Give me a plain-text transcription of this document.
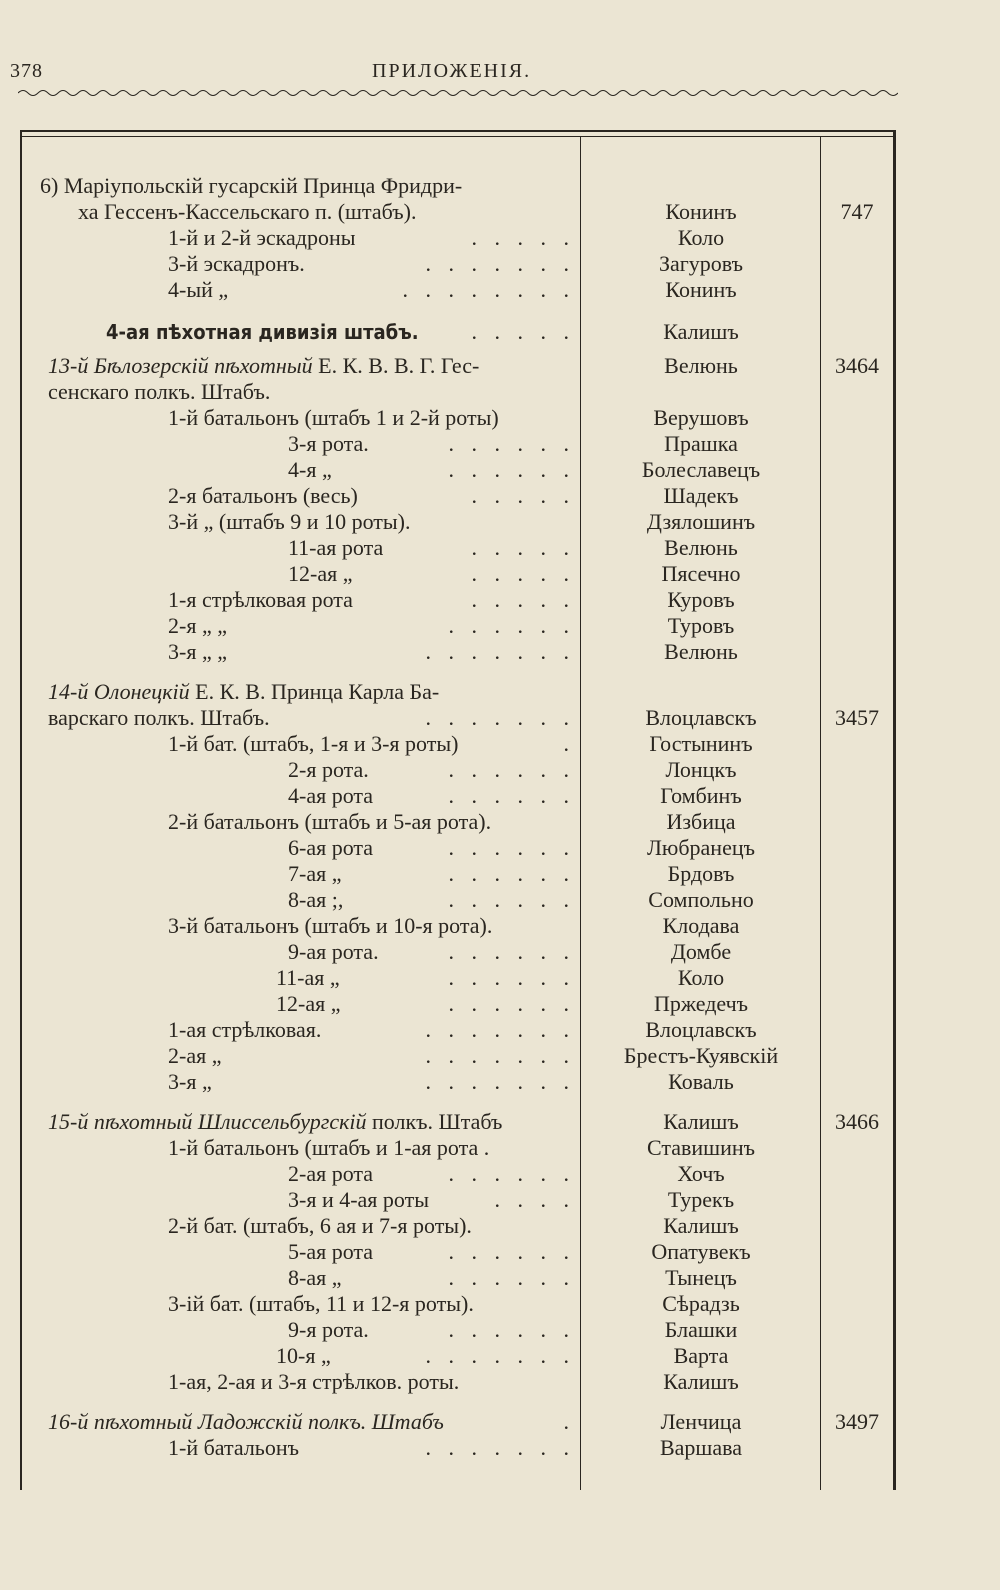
378	ПРИЛОЖЕНІЯ.
6) Маріупольскій гусарскій Принца Фридри-
ха Гессенъ-Кассельскаго п. (штабъ).	Конинъ	747
1-й и 2-й эскадроны	. . . . .	Коло
3-й эскадронъ.	. . . . . . .	Загуровъ
4-ый „	. . . . . . . .	Конинъ
4-ая пѣхотная дивизія штабъ. . . . . .	Калишъ
13-й Бѣлозерскій пѣхотный Е. К. В. В. Г. Гес-	Велюнь	3464
сенскаго полкъ. Штабъ.
1-й батальонъ (штабъ 1 и 2-й роты)	Верушовъ
3-я рота.	. . . . . .	Прашка
4-я „	. . . . . .	Болеславецъ
2-я батальонъ (весь)	. . . . .	Шадекъ
3-й „ (штабъ 9 и 10 роты).	Дзялошинъ
11-ая рота	. . . . .	Велюнь
12-ая „	. . . . .	Пясечно
1-я стрѣлковая рота	. . . . .	Куровъ
2-я „ „	. . . . . .	Туровъ
3-я „ „	. . . . . . .	Велюнь
14-й Олонецкій Е. К. В. Принца Карла Ба-
варскаго полкъ. Штабъ.	. . . . . . .	Влоцлавскъ	3457
1-й бат. (штабъ, 1-я и 3-я роты)	.	Гостынинъ
2-я рота.	. . . . . .	Лонцкъ
4-ая рота	. . . . . .	Гомбинъ
2-й батальонъ (штабъ и 5-ая рота).	Избица
6-ая рота	. . . . . .	Любранецъ
7-ая „	. . . . . .	Брдовъ
8-ая ;,	. . . . . .	Сомпольно
3-й батальонъ (штабъ и 10-я рота).	Клодава
9-ая рота.	. . . . . .	Домбе
11-ая „	. . . . . .	Коло
12-ая „	. . . . . .	Пржедечъ
1-ая стрѣлковая.	. . . . . . .	Влоцлавскъ
2-ая „	. . . . . . .	Брестъ-Куявскій
3-я „	. . . . . . .	Коваль
15-й пѣхотный Шлиссельбургскій полкъ. Штабъ	Калишъ	3466
1-й батальонъ (штабъ и 1-ая рота .	Ставишинъ
2-ая рота	. . . . . .	Хочъ
3-я и 4-ая роты	. . . .	Турекъ
2-й бат. (штабъ, 6 ая и 7-я роты).	Калишъ
5-ая рота	. . . . . .	Опатувекъ
8-ая „	. . . . . .	Тынецъ
3-ій бат. (штабъ, 11 и 12-я роты).	Сѣрадзь
9-я рота.	. . . . . .	Блашки
10-я „	. . . . . . .	Варта
1-ая, 2-ая и 3-я стрѣлков. роты.	Калишъ
16-й пѣхотный Ладожскій полкъ. Штабъ	.	Ленчица	3497
1-й батальонъ	. . . . . . .	Варшава
